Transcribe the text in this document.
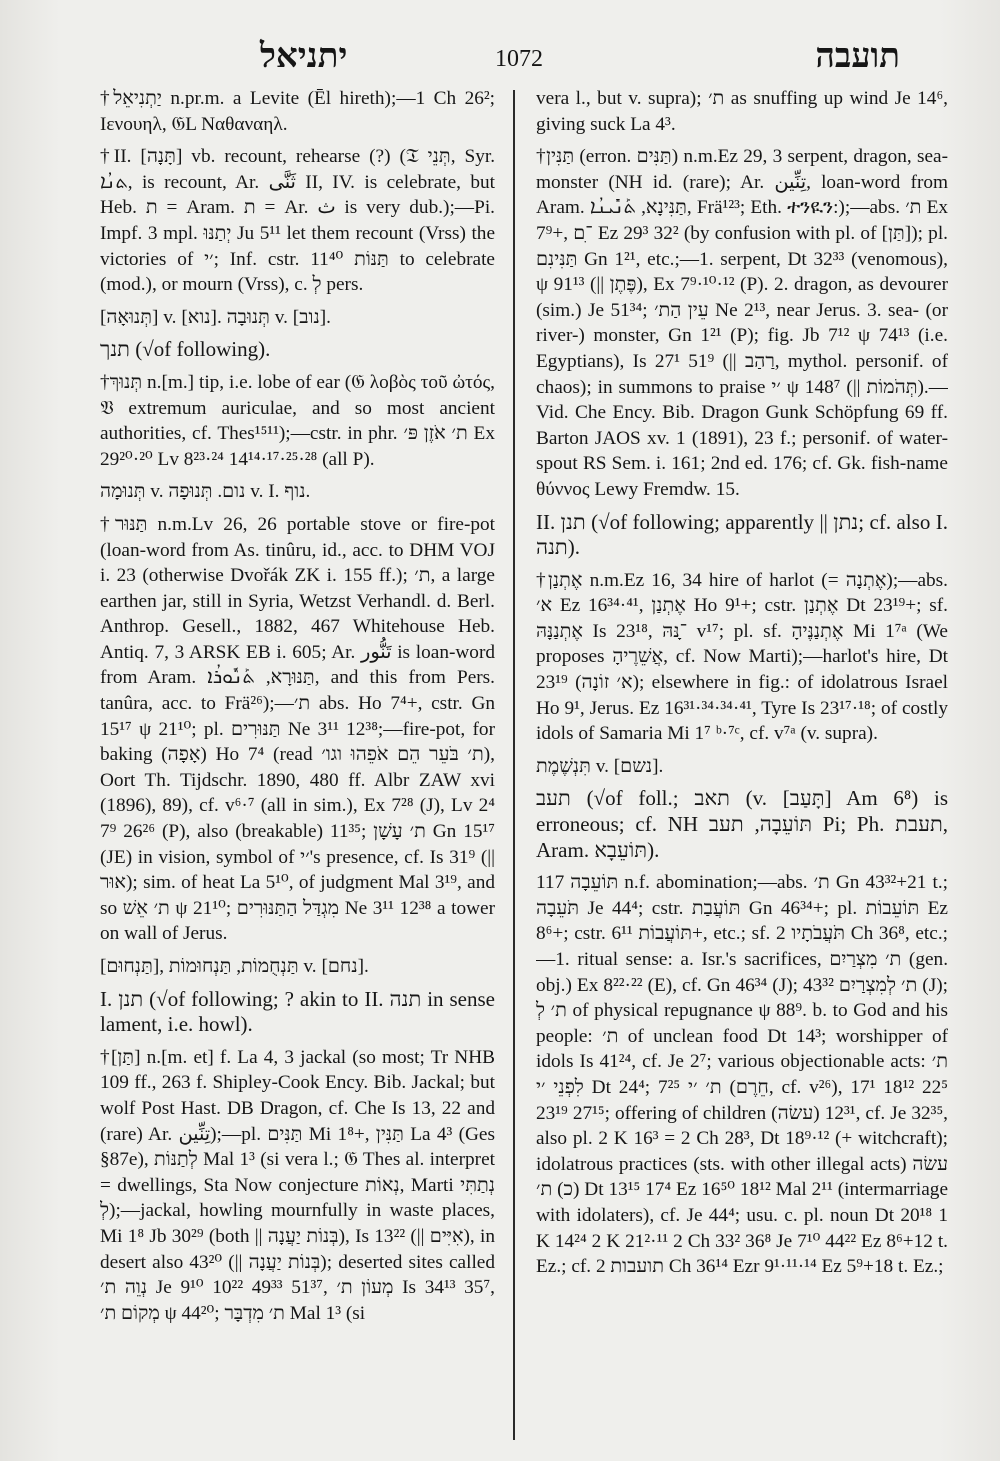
יתניאל	1072	תועבה

†יַתְנִיאֵל n.pr.m. a Levite (Ēl hireth);—1 Ch 26²; Ιενουηλ, 𝔊L Ναθαναηλ.

†II. [תָּנָה] vb. recount, rehearse (?) (𝔗 תְּנֵי, Syr. ܬܢܳܐ, is recount, Ar. ثَنَّى II, IV. is celebrate, but Heb. ת = Aram. ת = Ar. ث is very dub.);—Pi. Impf. 3 mpl. יְתַנּוּ Ju 5¹¹ let them recount (Vrss) the victories of ׳י; Inf. cstr. תַּנּוֹת 11⁴⁰ to celebrate (mod.), or mourn (Vrss), c. לְ pers.

[תְּנוּאָה] v. [נוא]. תְּנוּבָה v. [נוב].

תנך (√of following).

†תְּנוּךְ n.[m.] tip, i.e. lobe of ear (𝔊 λοβὸς τοῦ ὠτός, 𝔙 extremum auriculae, and so most ancient authorities, cf. Thes¹⁵¹¹);—cstr. in phr. ת׳ אֹזֶן פּ׳ Ex 29²⁰·²⁰ Lv 8²³·²⁴ 14¹⁴·¹⁷·²⁵·²⁸ (all P).

תְּנוּמָה v. נום. תְּנוּפָה v. I. נוף.

†תַּנּוּר n.m.Lv 26, 26 portable stove or fire-pot (loan-word from As. tinûru, id., acc. to DHM VOJ i. 23 (otherwise Dvořák ZK i. 155 ff.); ת׳, a large earthen jar, still in Syria, Wetzst Verhandl. d. Berl. Anthrop. Gesell., 1882, 467 Whitehouse Heb. Antiq. 7, 3 ARSK EB i. 605; Ar. تَنُّور is loan-word from Aram. תַּנּוּרָא, ܬܰܢܽܘܪܳܐ, and this from Pers. tanûra, acc. to Frä²⁶);—ת׳ abs. Ho 7⁴+, cstr. Gn 15¹⁷ ψ 21¹⁰; pl. תַּנּוּרִים Ne 3¹¹ 12³⁸;—fire-pot, for baking (אָפָה) Ho 7⁴ (read ת׳ בֹּעֵר הֵם אֹפֵהוּ וגו׳), Oort Th. Tijdschr. 1890, 480 ff. Albr ZAW xvi (1896), 89), cf. v⁶·⁷ (all in sim.), Ex 7²⁸ (J), Lv 2⁴ 7⁹ 26²⁶ (P), also (breakable) 11³⁵; ת׳ עָשָׁן Gn 15¹⁷ (JE) in vision, symbol of ׳י's presence, cf. Is 31⁹ (|| אוּר); sim. of heat La 5¹⁰, of judgment Mal 3¹⁹, and so ת׳ אֵשׁ ψ 21¹⁰; מִגְדַּל הַתַּנּוּרִים Ne 3¹¹ 12³⁸ a tower on wall of Jerus.

[תַּנְחוּם], תַּנְחֻמוֹת, תַּנְחוּמוֹת v. [נחם].

I. תנן (√of following; ? akin to II. תנה in sense lament, i.e. howl).

†[תַּן] n.[m. et] f. La 4, 3 jackal (so most; Tr NHB 109 ff., 263 f. Shipley-Cook Ency. Bib. Jackal; but wolf Post Hast. DB Dragon, cf. Che Is 13, 22 and (rare) Ar. تِنِّين);—pl. תַּנִּים Mi 1⁸+, תַּנִּין La 4³ (Ges §87e), לְתַנּוֹת Mal 1³ (si vera l.; 𝔊 Thes al. interpret = dwellings, Sta Now conjecture נְאוֹת, Marti נְתַתִּי לְ);—jackal, howling mournfully in waste places, Mi 1⁸ Jb 30²⁹ (both || בְּנוֹת יַעֲנָה), Is 13²² (|| אִיִּים), in desert also 43²⁰ (|| בְּנוֹת יַעֲנָה); deserted sites called נְוֵה ת׳ Je 9¹⁰ 10²² 49³³ 51³⁷, מְעוֹן ת׳ Is 34¹³ 35⁷, מְקוֹם ת׳ ψ 44²⁰; ת׳ מִדְבָּר Mal 1³ (si

vera l., but v. supra); ת׳ as snuffing up wind Je 14⁶, giving suck La 4³.

†תַּנִּין (erron. תַּנִּים) n.m.Ez 29, 3 serpent, dragon, sea-monster (NH id. (rare); Ar. تِنِّين, loan-word from Aram. תַּנִּינָא, ܬܰܢܺܝܢܳܐ, Frä¹²³; Eth. ተንዪን:);—abs. ת׳ Ex 7⁹+, ־ִם Ez 29³ 32² (by confusion with pl. of [תַּן]); pl. תַּנִּינִם Gn 1²¹, etc.;—1. serpent, Dt 32³³ (venomous), ψ 91¹³ (|| פֶּתֶן), Ex 7⁹·¹⁰·¹² (P). 2. dragon, as devourer (sim.) Je 51³⁴; עֵין הַת׳ Ne 2¹³, near Jerus. 3. sea- (or river-) monster, Gn 1²¹ (P); fig. Jb 7¹² ψ 74¹³ (i.e. Egyptians), Is 27¹ 51⁹ (|| רַהַב, mythol. personif. of chaos); in summons to praise ׳י ψ 148⁷ (|| תְּהֹמוֹת).—Vid. Che Ency. Bib. Dragon Gunk Schöpfung 69 ff. Barton JAOS xv. 1 (1891), 23 f.; personif. of water-spout RS Sem. i. 161; 2nd ed. 176; cf. Gk. fish-name θύννος Lewy Fremdw. 15.

II. תנן (√of following; apparently || נתן; cf. also I. תנה).

†אֶתְנַן n.m.Ez 16, 34 hire of harlot (= אֶתְנָה);—abs. א׳ Ez 16³⁴·⁴¹, אֶתְנַן Ho 9¹+; cstr. אֶתְנַן Dt 23¹⁹+; sf. אֶתְנַנָּהּ Is 23¹⁸, ־ָנּהּ v¹⁷; pl. sf. אֶתְנַנֶּיהָ Mi 1⁷ᵃ (We proposes אֲשֵׁרֶיהָ, cf. Now Marti);—harlot's hire, Dt 23¹⁹ (א׳ זוֹנָה); elsewhere in fig.: of idolatrous Israel Ho 9¹, Jerus. Ez 16³¹·³⁴·³⁴·⁴¹, Tyre Is 23¹⁷·¹⁸; of costly idols of Samaria Mi 1⁷ ᵇ·⁷ᶜ, cf. v⁷ᵃ (v. supra).

תִּנְשֶׁמֶת v. [נשם].

תעב (√of foll.; תאב (v. [תָּעַב] Am 6⁸) is erroneous; cf. NH תּוֹעֵבָה, תעב Pi; Ph. תעבת, Aram. תּוֹעֵבָא).

תּוֹעֵבָה 117 n.f. abomination;—abs. ת׳ Gn 43³²+21 t.; תֹּעֵבָה Je 44⁴; cstr. תּוֹעֲבַת Gn 46³⁴+; pl. תּוֹעֵבוֹת Ez 8⁶+; cstr. תּוֹעֲבוֹת 6¹¹+, etc.; sf. תֹּעֲבֹתָיו 2 Ch 36⁸, etc.;—1. ritual sense: a. Isr.'s sacrifices, ת׳ מִצְרַיִם (gen. obj.) Ex 8²²·²² (E), cf. Gn 46³⁴ (J); ת׳ לְמִצְרַיִם 43³² (J); ת׳ לְ of physical repugnance ψ 88⁹. b. to God and his people: ת׳ of unclean food Dt 14³; worshipper of idols Is 41²⁴, cf. Je 2⁷; various objectionable acts: ת׳ לִפְנֵי ׳י Dt 24⁴; ת׳ ׳י 7²⁵ (חֵרֶם, cf. v²⁶), 17¹ 18¹² 22⁵ 23¹⁹ 27¹⁵; offering of children (עשׂה) 12³¹, cf. Je 32³⁵, also pl. 2 K 16³ = 2 Ch 28³, Dt 18⁹·¹² (+ witchcraft); idolatrous practices (sts. with other illegal acts) עשׂה (כ) ת׳ Dt 13¹⁵ 17⁴ Ez 16⁵⁰ 18¹² Mal 2¹¹ (intermarriage with idolaters), cf. Je 44⁴; usu. c. pl. noun Dt 20¹⁸ 1 K 14²⁴ 2 K 21²·¹¹ 2 Ch 33² 36⁸ Je 7¹⁰ 44²² Ez 8⁶+12 t. Ez.; cf. תועבות 2 Ch 36¹⁴ Ezr 9¹·¹¹·¹⁴ Ez 5⁹+18 t. Ez.;
